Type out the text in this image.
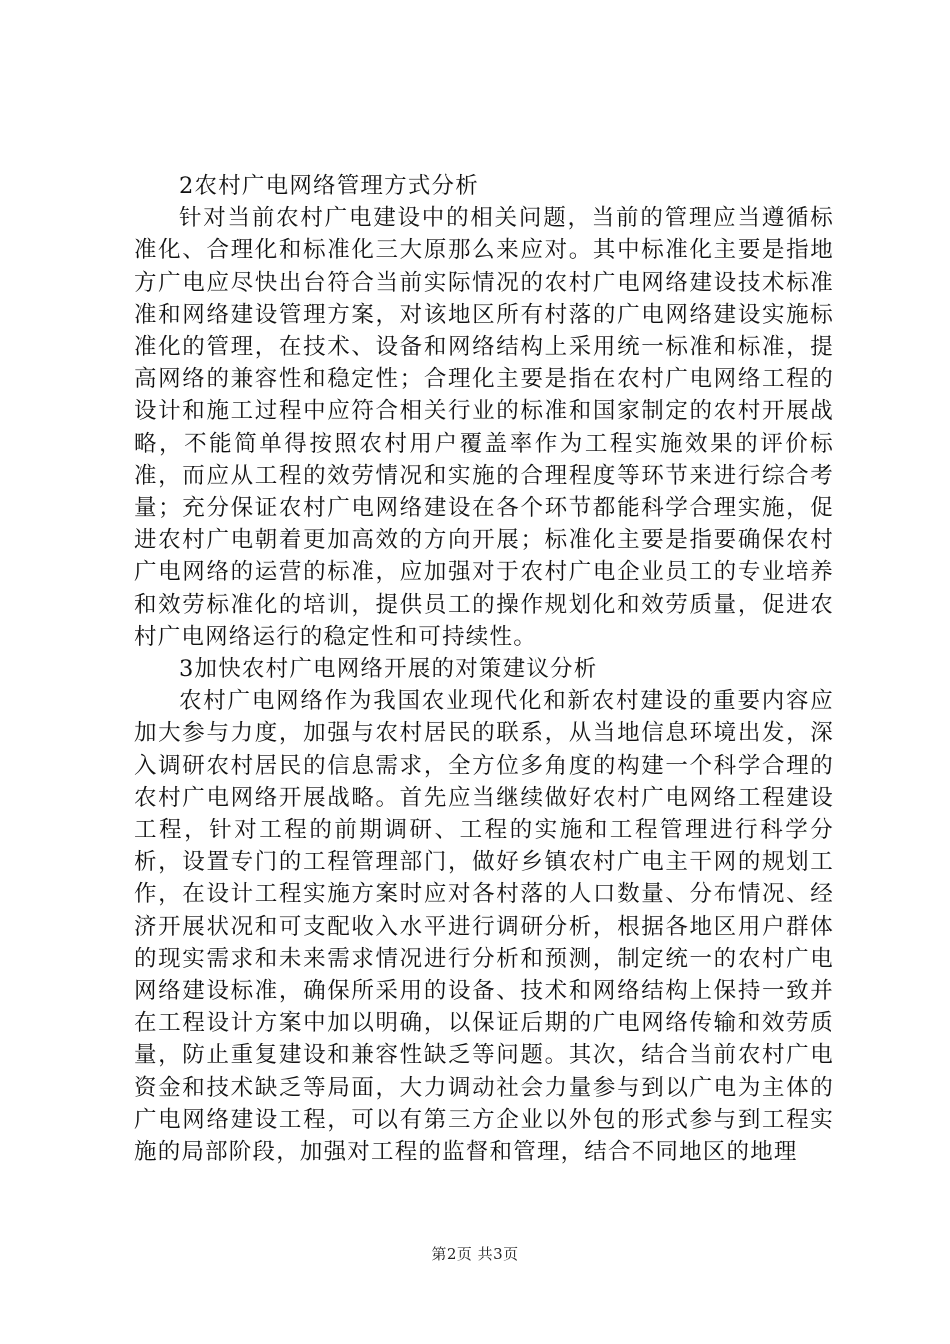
2农村广电网络管理方式分析

针对当前农村广电建设中的相关问题，当前的管理应当遵循标准化、合理化和标准化三大原那么来应对。其中标准化主要是指地方广电应尽快出台符合当前实际情况的农村广电网络建设技术标准准和网络建设管理方案，对该地区所有村落的广电网络建设实施标准化的管理，在技术、设备和网络结构上采用统一标准和标准，提高网络的兼容性和稳定性；合理化主要是指在农村广电网络工程的设计和施工过程中应符合相关行业的标准和国家制定的农村开展战略，不能简单得按照农村用户覆盖率作为工程实施效果的评价标准，而应从工程的效劳情况和实施的合理程度等环节来进行综合考量；充分保证农村广电网络建设在各个环节都能科学合理实施，促进农村广电朝着更加高效的方向开展；标准化主要是指要确保农村广电网络的运营的标准，应加强对于农村广电企业员工的专业培养和效劳标准化的培训，提供员工的操作规划化和效劳质量，促进农村广电网络运行的稳定性和可持续性。

3加快农村广电网络开展的对策建议分析

农村广电网络作为我国农业现代化和新农村建设的重要内容应加大参与力度，加强与农村居民的联系，从当地信息环境出发，深入调研农村居民的信息需求，全方位多角度的构建一个科学合理的农村广电网络开展战略。首先应当继续做好农村广电网络工程建设工程，针对工程的前期调研、工程的实施和工程管理进行科学分析，设置专门的工程管理部门，做好乡镇农村广电主干网的规划工作，在设计工程实施方案时应对各村落的人口数量、分布情况、经济开展状况和可支配收入水平进行调研分析，根据各地区用户群体的现实需求和未来需求情况进行分析和预测，制定统一的农村广电网络建设标准，确保所采用的设备、技术和网络结构上保持一致并在工程设计方案中加以明确，以保证后期的广电网络传输和效劳质量，防止重复建设和兼容性缺乏等问题。其次，结合当前农村广电资金和技术缺乏等局面，大力调动社会力量参与到以广电为主体的广电网络建设工程，可以有第三方企业以外包的形式参与到工程实施的局部阶段，加强对工程的监督和管理，结合不同地区的地理

第2页 共3页
